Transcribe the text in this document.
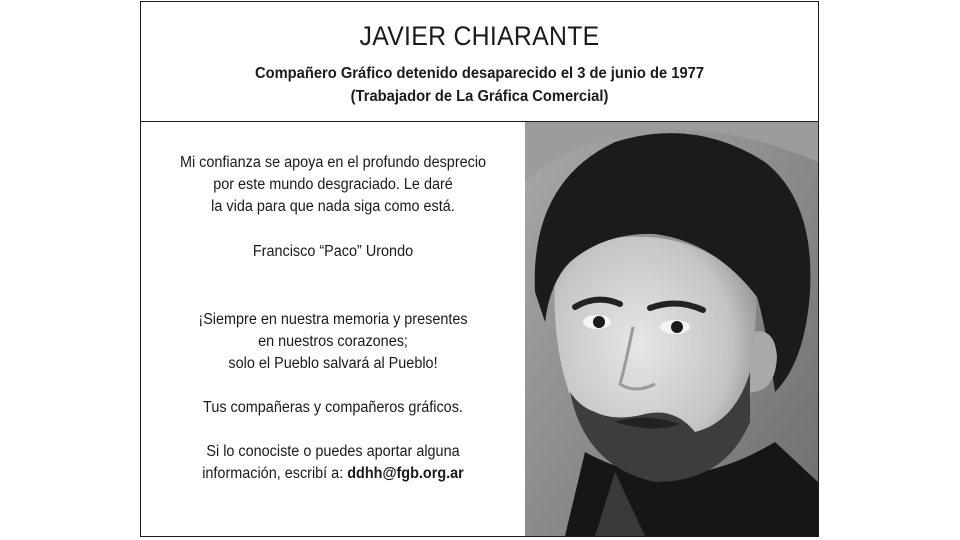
JAVIER CHIARANTE
Compañero Gráfico detenido desaparecido el 3 de junio de 1977
(Trabajador de La Gráfica Comercial)
Mi confianza se apoya en el profundo desprecio
por este mundo desgraciado. Le daré
la vida para que nada siga como está.
Francisco “Paco” Urondo
¡Siempre en nuestra memoria y presentes
en nuestros corazones;
solo el Pueblo salvará al Pueblo!
Tus compañeras y compañeros gráficos.
Si lo conociste o puedes aportar alguna
información, escribí a: ddhh@fgb.org.ar
